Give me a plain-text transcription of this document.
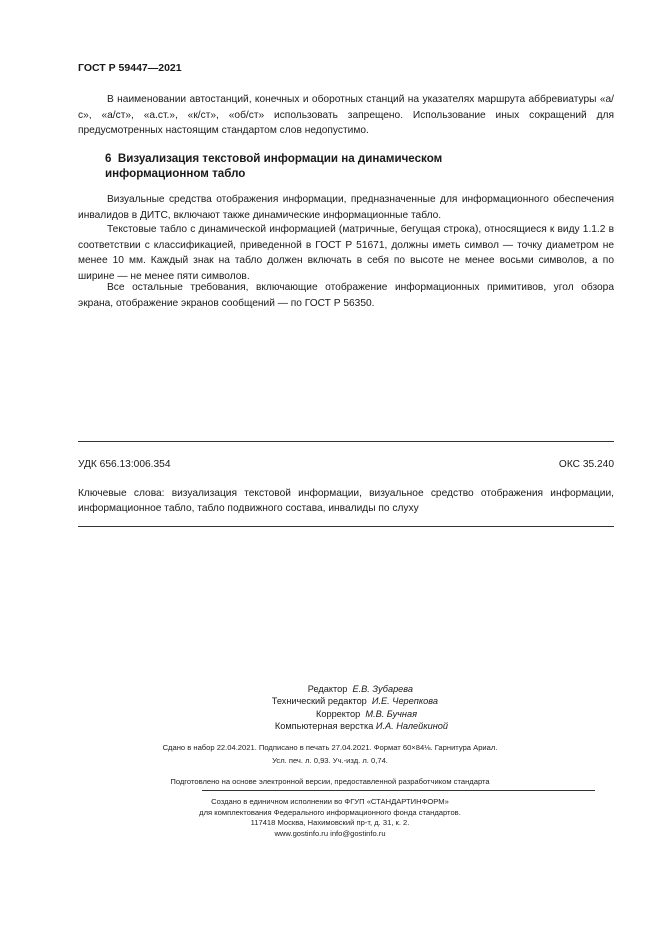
ГОСТ Р 59447—2021
В наименовании автостанций, конечных и оборотных станций на указателях маршрута аббревиатуры «а/с», «а/ст», «а.ст.», «к/ст», «об/ст» использовать запрещено. Использование иных сокращений для предусмотренных настоящим стандартом слов недопустимо.
6 Визуализация текстовой информации на динамическом
информационном табло
Визуальные средства отображения информации, предназначенные для информационного обеспечения инвалидов в ДИТС, включают также динамические информационные табло.
Текстовые табло с динамической информацией (матричные, бегущая строка), относящиеся к виду 1.1.2 в соответствии с классификацией, приведенной в ГОСТ Р 51671, должны иметь символ — точку диаметром не менее 10 мм. Каждый знак на табло должен включать в себя по высоте не менее восьми символов, а по ширине — не менее пяти символов.
Все остальные требования, включающие отображение информационных примитивов, угол обзора экрана, отображение экранов сообщений — по ГОСТ Р 56350.
УДК 656.13:006.354	ОКС 35.240
Ключевые слова: визуализация текстовой информации, визуальное средство отображения информации, информационное табло, табло подвижного состава, инвалиды по слуху
Редактор Е.В. Зубарева
Технический редактор И.Е. Черепкова
Корректор М.В. Бучная
Компьютерная верстка И.А. Налейкиной
Сдано в набор 22.04.2021. Подписано в печать 27.04.2021. Формат 60×84⅛. Гарнитура Ариал.
Усл. печ. л. 0,93. Уч.-изд. л. 0,74.
Подготовлено на основе электронной версии, предоставленной разработчиком стандарта
Создано в единичном исполнении во ФГУП «СТАНДАРТИНФОРМ»
для комплектования Федерального информационного фонда стандартов.
117418 Москва, Нахимовский пр-т, д. 31, к. 2.
www.gostinfo.ru info@gostinfo.ru
